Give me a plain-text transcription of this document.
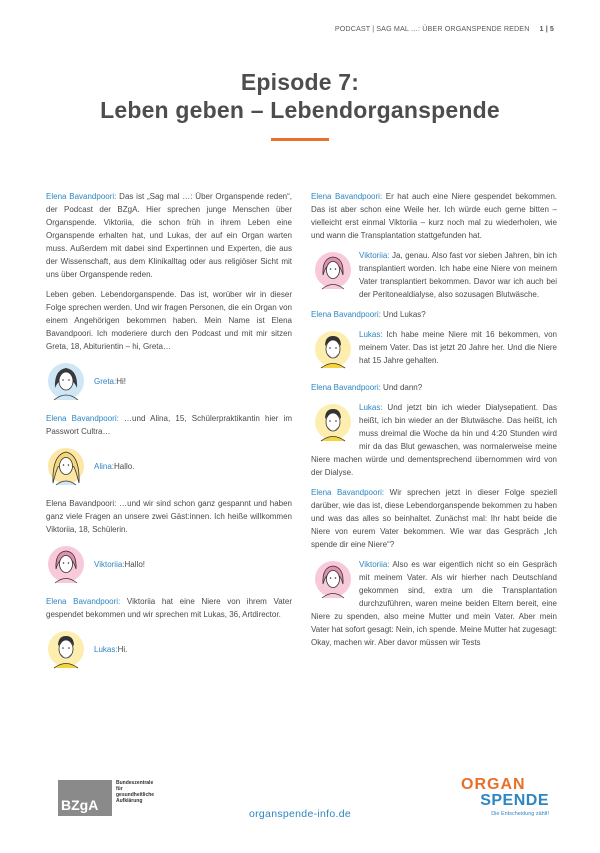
PODCAST | SAG MAL …: ÜBER ORGANSPENDE REDEN 1 | 5
Episode 7:
Leben geben – Lebendorganspende

Elena Bavandpoori: Das ist „Sag mal …: Über Organspende reden“, der Podcast der BZgA. Hier sprechen junge Menschen über Organspende. Viktoriia, die schon früh in ihrem Leben eine Organspende erhalten hat, und Lukas, der auf ein Organ warten muss. Außerdem mit dabei sind Expertinnen und Experten, die aus der Wissenschaft, aus dem Klinikalltag oder aus religiöser Sicht mit uns über Organspende reden.

Leben geben. Lebendorganspende. Das ist, worüber wir in dieser Folge sprechen werden. Und wir fragen Personen, die ein Organ von einem Angehörigen bekommen haben. Mein Name ist Elena Bavandpoori. Ich moderiere durch den Podcast und mit mir sitzen Greta, 18, Abiturientin – hi, Greta…

Greta: Hi!

Elena Bavandpoori: …und Alina, 15, Schülerpraktikantin hier im Passwort Cultra…

Alina: Hallo.

Elena Bavandpoori: …und wir sind schon ganz gespannt und haben ganz viele Fragen an unsere zwei Gäst:innen. Ich heiße willkommen Viktoriia, 18, Schülerin.

Viktoriia: Hallo!

Elena Bavandpoori: Viktoriia hat eine Niere von ihrem Vater gespendet bekommen und wir sprechen mit Lukas, 36, Artdirector.

Lukas: Hi.

Elena Bavandpoori: Er hat auch eine Niere gespendet bekommen. Das ist aber schon eine Weile her. Ich würde euch gerne bitten – vielleicht erst einmal Viktoriia – kurz noch mal zu wiederholen, wie und wann die Transplantation stattgefunden hat.

Viktoriia: Ja, genau. Also fast vor sieben Jahren, bin ich transplantiert worden. Ich habe eine Niere von meinem Vater transplantiert bekommen. Davor war ich auch bei der Peritonealdialyse, also sozusagen Blutwäsche.

Elena Bavandpoori: Und Lukas?

Lukas: Ich habe meine Niere mit 16 bekommen, von meinem Vater. Das ist jetzt 20 Jahre her. Und die Niere hat 15 Jahre gehalten.

Elena Bavandpoori: Und dann?

Lukas: Und jetzt bin ich wieder Dialysepatient. Das heißt, ich bin wieder an der Blutwäsche. Das heißt, ich muss dreimal die Woche da hin und 4:20 Stunden wird mir da das Blut gewaschen, was normalerweise meine Niere machen würde und dementsprechend übernommen wird von der Dialyse.

Elena Bavandpoori: Wir sprechen jetzt in dieser Folge speziell darüber, wie das ist, diese Lebendorganspende bekommen zu haben und was das alles so beinhaltet. Zunächst mal: Ihr habt beide die Niere von eurem Vater bekommen. Wie war das Gespräch „Ich spende dir eine Niere“?

Viktoriia: Also es war eigentlich nicht so ein Gespräch mit meinem Vater. Als wir hierher nach Deutschland gekommen sind, extra um die Transplantation durchzuführen, waren meine beiden Eltern bereit, eine Niere zu spenden, also meine Mutter und mein Vater. Aber mein Vater hat sofort gesagt: Nein, ich spende. Meine Mutter hat zugesagt: Okay, machen wir. Aber davor müssen wir Tests

BZgA
Bundeszentrale
für
gesundheitliche
Aufklärung
organspende-info.de
ORGAN
SPENDE
Die Entscheidung zählt!
